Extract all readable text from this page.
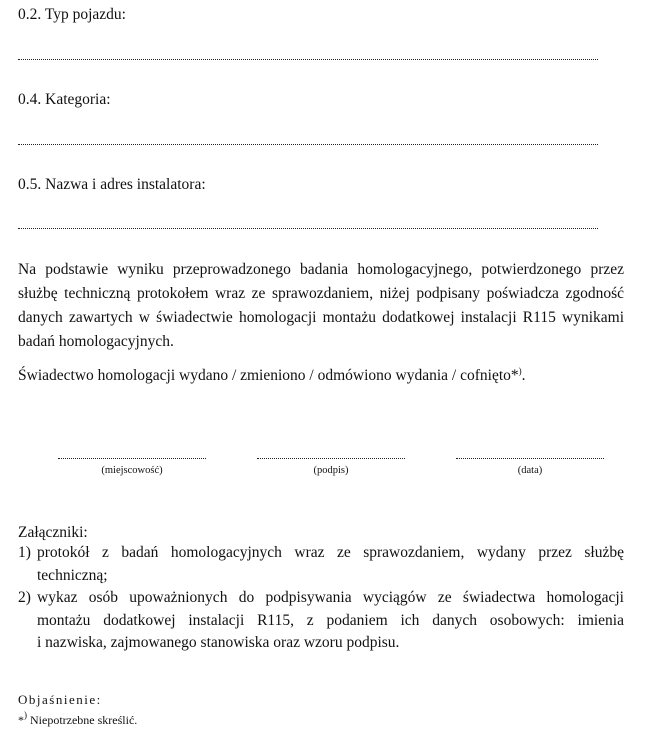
0.2. Typ pojazdu:
0.4. Kategoria:
0.5. Nazwa i adres instalatora:
Na podstawie wyniku przeprowadzonego badania homologacyjnego, potwierdzonego przez
służbę techniczną protokołem wraz ze sprawozdaniem, niżej podpisany poświadcza zgodność
danych zawartych w świadectwie homologacji montażu dodatkowej instalacji R115 wynikami
badań homologacyjnych.
Świadectwo homologacji wydano / zmieniono / odmówiono wydania / cofnięto*).
(miejscowość)	(podpis)	(data)
Załączniki:
1) protokół z badań homologacyjnych wraz ze sprawozdaniem, wydany przez służbę
techniczną;
2) wykaz osób upoważnionych do podpisywania wyciągów ze świadectwa homologacji
montażu dodatkowej instalacji R115, z podaniem ich danych osobowych: imienia
i nazwiska, zajmowanego stanowiska oraz wzoru podpisu.
Objaśnienie:
*) Niepotrzebne skreślić.
